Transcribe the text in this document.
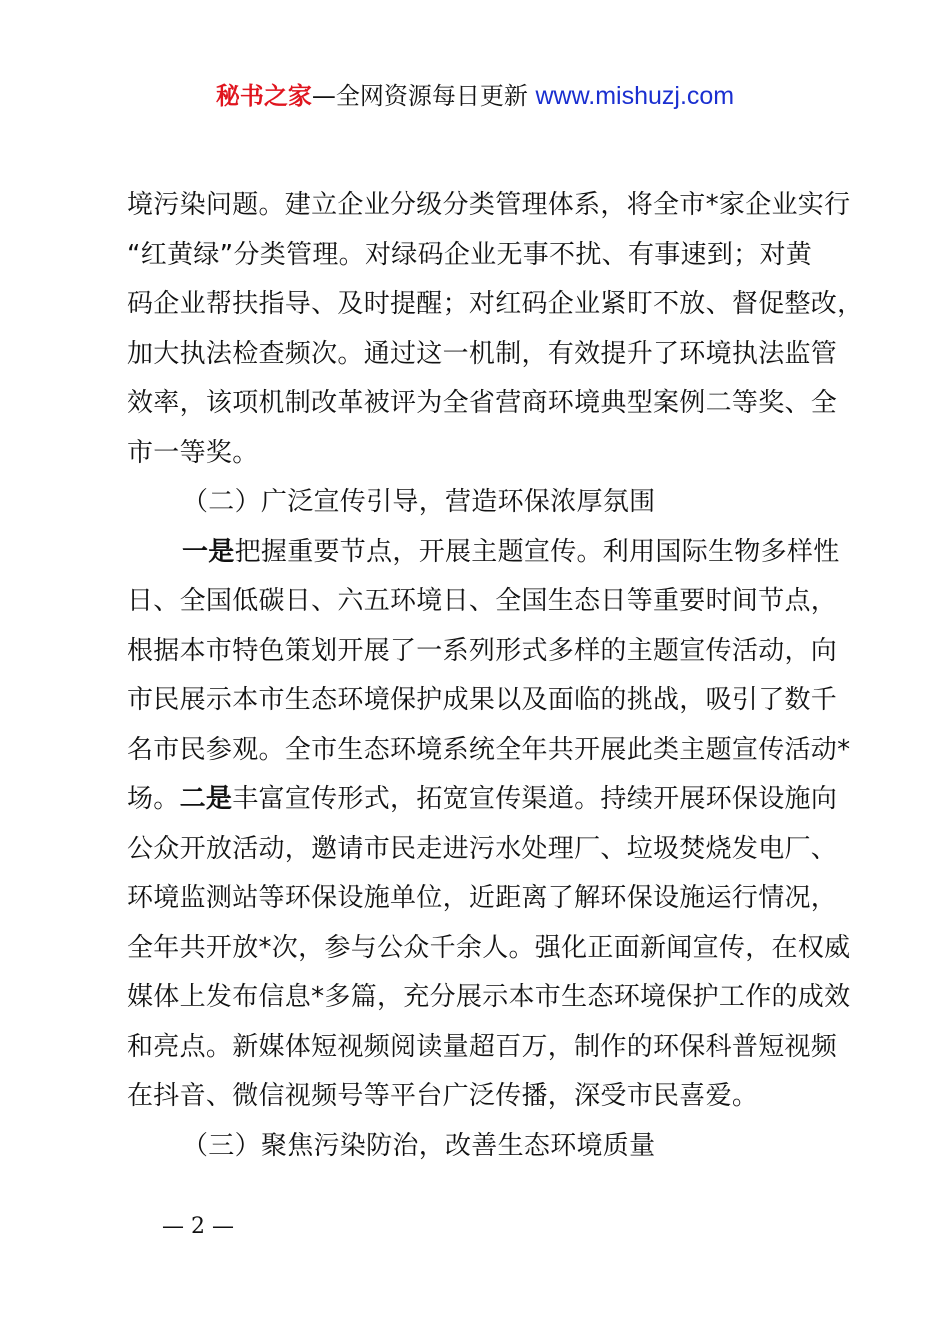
秘书之家—全网资源每日更新 www.mishuzj.com
境污染问题。建立企业分级分类管理体系，将全市*家企业实行
“红黄绿”分类管理。对绿码企业无事不扰、有事速到；对黄
码企业帮扶指导、及时提醒；对红码企业紧盯不放、督促整改，
加大执法检查频次。通过这一机制，有效提升了环境执法监管
效率，该项机制改革被评为全省营商环境典型案例二等奖、全
市一等奖。
（二）广泛宣传引导，营造环保浓厚氛围
一是把握重要节点，开展主题宣传。利用国际生物多样性
日、全国低碳日、六五环境日、全国生态日等重要时间节点，
根据本市特色策划开展了一系列形式多样的主题宣传活动，向
市民展示本市生态环境保护成果以及面临的挑战，吸引了数千
名市民参观。全市生态环境系统全年共开展此类主题宣传活动*
场。二是丰富宣传形式，拓宽宣传渠道。持续开展环保设施向
公众开放活动，邀请市民走进污水处理厂、垃圾焚烧发电厂、
环境监测站等环保设施单位，近距离了解环保设施运行情况，
全年共开放*次，参与公众千余人。强化正面新闻宣传，在权威
媒体上发布信息*多篇，充分展示本市生态环境保护工作的成效
和亮点。新媒体短视频阅读量超百万，制作的环保科普短视频
在抖音、微信视频号等平台广泛传播，深受市民喜爱。
（三）聚焦污染防治，改善生态环境质量
— 2 —
